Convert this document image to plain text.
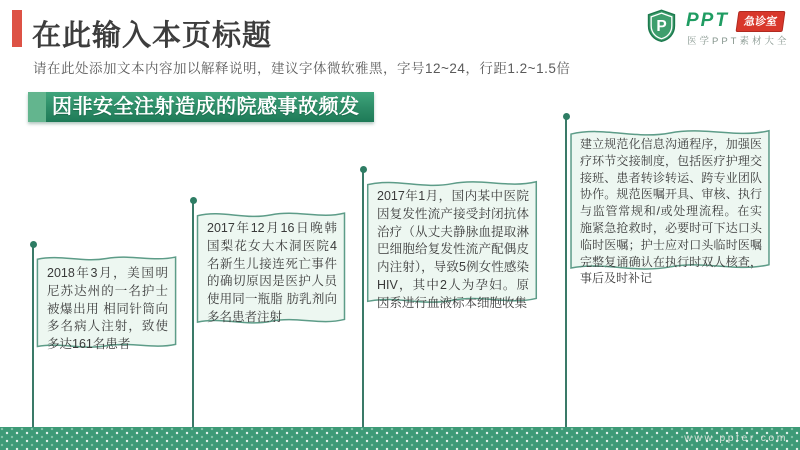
在此输入本页标题
请在此处添加文本内容加以解释说明，建议字体微软雅黑，字号12~24，行距1.2~1.5倍
P PPT 急诊室
医学PPT素材大全
因非安全注射造成的院感事故频发
2018年3月，美国明尼苏达州的一名护士被爆出用 相同针筒向多名病人注射，致使多达161名患者
2017年12月16日晚韩国梨花女大木洞医院4名新生儿接连死亡事件的确切原因是医护人员使用同一瓶脂 肪乳剂向多名患者注射
2017年1月，国内某中医院因复发性流产接受封闭抗体治疗（从丈夫静脉血提取淋巴细胞给复发性流产配偶皮内注射），导致5例女性感染HIV，其中2人为孕妇。原因系进行血液标本细胞收集
建立规范化信息沟通程序，加强医疗环节交接制度，包括医疗护理交接班、患者转诊转运、跨专业团队协作。规范医嘱开具、审核、执行与监管常规和/或处理流程。在实施紧急抢救时，必要时可下达口头临时医嘱；护士应对口头临时医嘱完整复诵确认在执行时双人核查，事后及时补记
www.ppter.com
